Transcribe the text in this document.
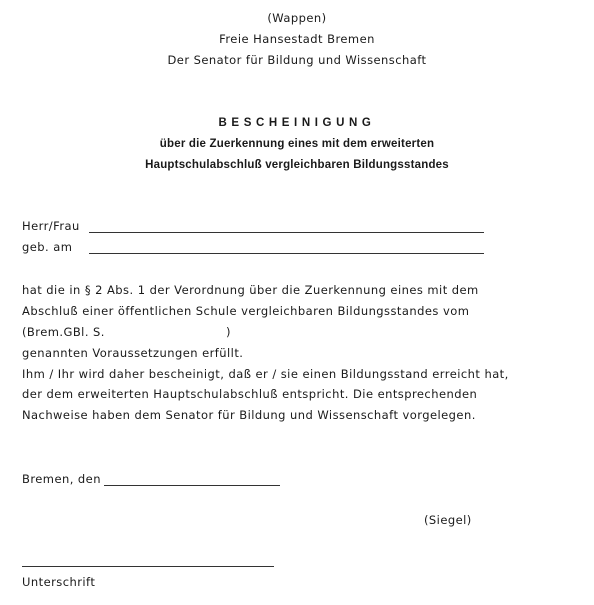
(Wappen)
Freie Hansestadt Bremen
Der Senator für Bildung und Wissenschaft
BESCHEINIGUNG
über die Zuerkennung eines mit dem erweiterten
Hauptschulabschluß vergleichbaren Bildungsstandes
Herr/Frau
geb. am
hat die in § 2 Abs. 1 der Verordnung über die Zuerkennung eines mit dem
Abschluß einer öffentlichen Schule vergleichbaren Bildungsstandes vom
(Brem.GBl. S.	)
genannten Voraussetzungen erfüllt.
Ihm / Ihr wird daher bescheinigt, daß er / sie einen Bildungsstand erreicht hat,
der dem erweiterten Hauptschulabschluß entspricht. Die entsprechenden
Nachweise haben dem Senator für Bildung und Wissenschaft vorgelegen.
Bremen, den
(Siegel)
Unterschrift
